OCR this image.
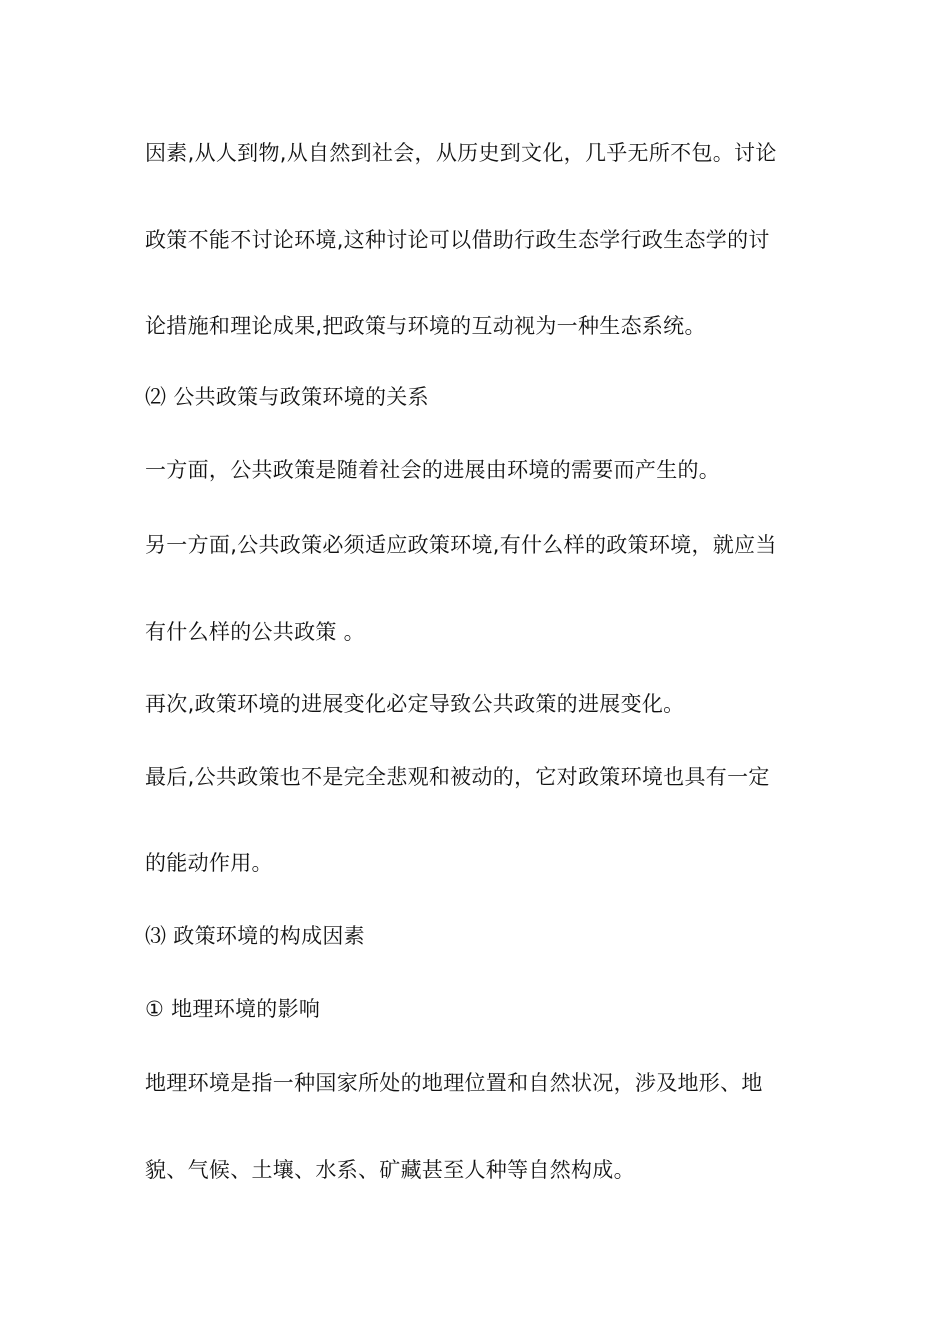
因素,从人到物,从自然到社会，从历史到文化，几乎无所不包。讨论
政策不能不讨论环境,这种讨论可以借助行政生态学行政生态学的讨
论措施和理论成果,把政策与环境的互动视为一种生态系统。
⑵ 公共政策与政策环境的关系
一方面，公共政策是随着社会的进展由环境的需要而产生的。
另一方面,公共政策必须适应政策环境,有什么样的政策环境，就应当
有什么样的公共政策 。
再次,政策环境的进展变化必定导致公共政策的进展变化。
最后,公共政策也不是完全悲观和被动的，它对政策环境也具有一定
的能动作用。
⑶ 政策环境的构成因素
① 地理环境的影响
地理环境是指一种国家所处的地理位置和自然状况，涉及地形、地
貌、气候、土壤、水系、矿藏甚至人种等自然构成。
